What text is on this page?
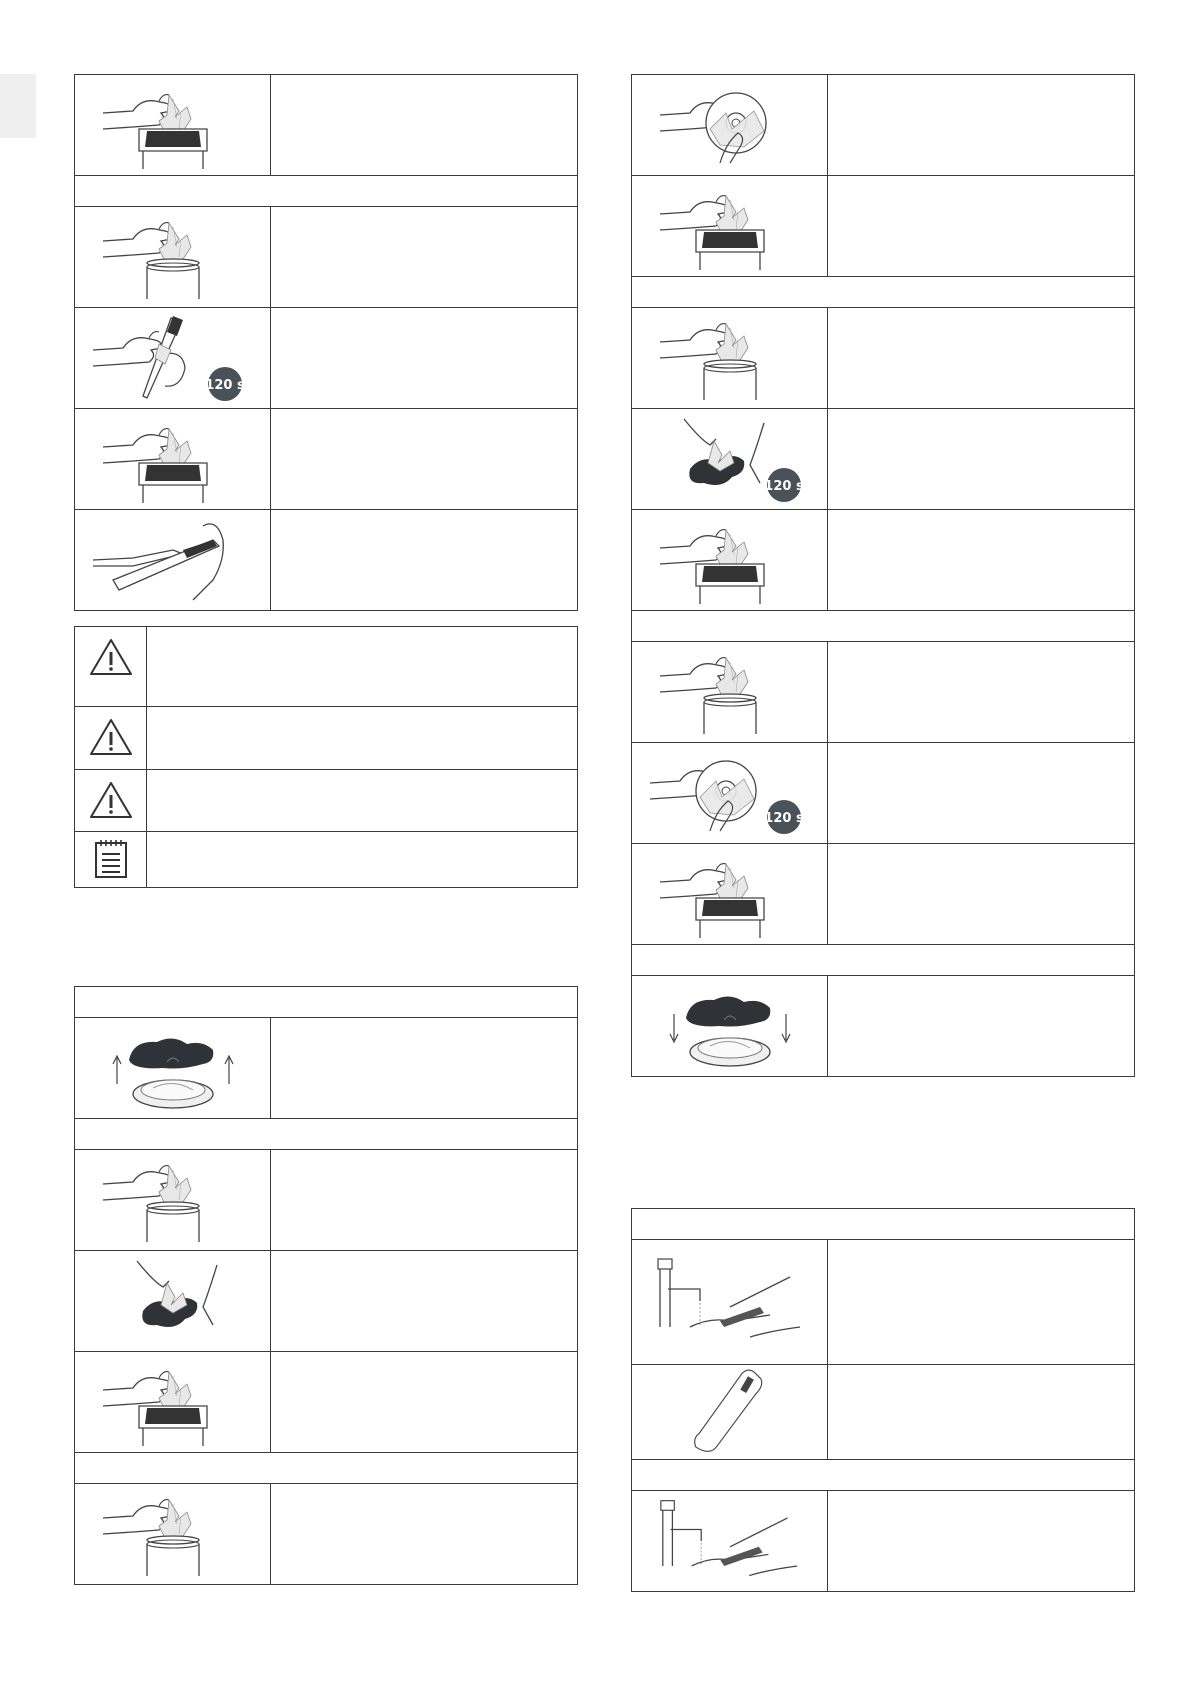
120 s	

120 s	

120 s	
